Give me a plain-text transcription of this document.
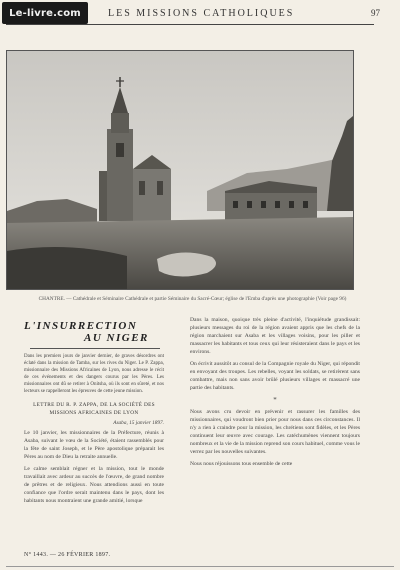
Le-livre.com	LES MISSIONS CATHOLIQUES	97
CHANTRE. — Cathédrale et Séminaire Cathédrale et partie Séminaire du Sacré-Cœur; église de l'Emba d'après une photographie (Voir page 96)
L'INSURRECTION
AU NIGER

Dans les premiers jours de janvier dernier, de graves désordres ont éclaté dans la mission de Tamba, sur les rives du Niger. Le P. Zappa, missionnaire des Missions Africaines de Lyon, nous adresse le récit de ces événements et des dangers courus par les Pères. Les missionnaires ont dû se retirer à Onitsha, où ils sont en sûreté, et nos lecteurs se rappelleront les épreuves de cette jeune mission.

LETTRE DU R. P. ZAPPA, DE LA SOCIÉTÉ DES MISSIONS AFRICAINES DE LYON

Asaba, 15 janvier 1897.

Le 10 janvier, les missionnaires de la Préfecture, réunis à Asaba, suivant le vœu de la Société, étaient rassemblés pour la fête de saint Joseph, et le Père apostolique préparait les Pères au nom de Dieu la retraite annuelle.

Le calme semblait régner et la mission, tout le monde travaillait avec ardeur au succès de l'œuvre, de grand nombre de prêtres et de religieux. Nous attendions aussi en toute confiance que l'ordre serait maintenu dans le pays, dont les habitants nous montraient une grande amitié, lorsque

Dans la maison, quoique très pleine d'activité, l'inquiétude grandissait: plusieurs messages du roi de la région avaient appris que les chefs de la région marchaient sur Asaba et les villages voisins, pour les piller et massacrer les habitants et tous ceux qui leur résisteraient dans le pays et les environs.

On écrivit aussitôt au consul de la Compagnie royale du Niger, qui répondit en envoyant des troupes. Les rebelles, voyant les soldats, se retirèrent sans combattre, mais non sans avoir brûlé plusieurs villages et massacré une partie des habitants.

*

Nous avons cru devoir en prévenir et rassurer les familles des missionnaires, qui voudront bien prier pour nous dans ces circonstances. Il n'y a rien à craindre pour la mission, les chrétiens sont fidèles, et les Pères continuent leur œuvre avec courage. Les catéchumènes viennent toujours nombreux et la vie de la mission reprend son cours habituel, comme vous le verrez par les nouvelles suivantes.

Nous nous réjouissons tous ensemble de cette

N° 1443. — 26 FÉVRIER 1897.
